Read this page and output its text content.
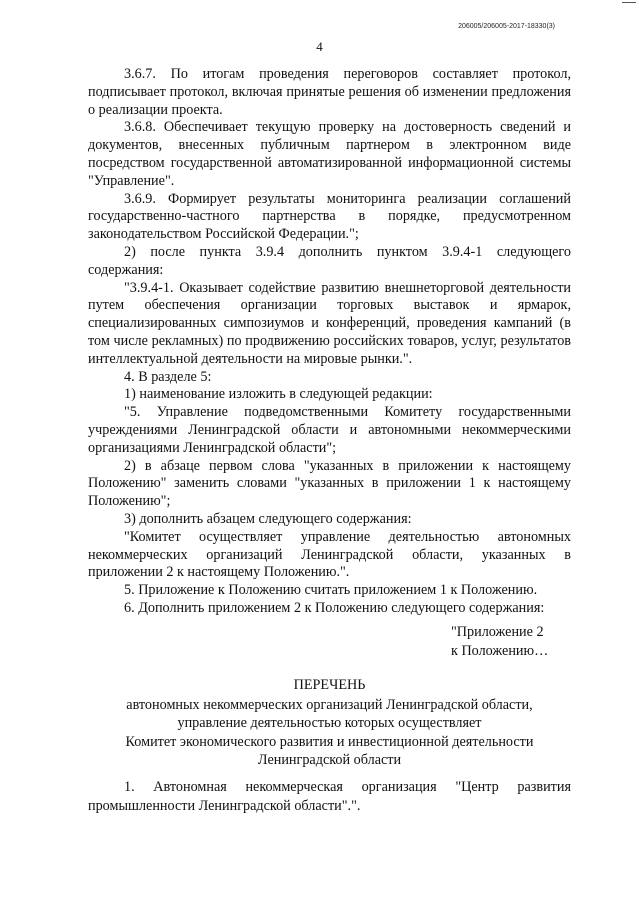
206005/206005-2017-18330(3)
4

3.6.7. По итогам проведения переговоров составляет протокол, подписывает протокол, включая принятые решения об изменении предложения о реализации проекта.

3.6.8. Обеспечивает текущую проверку на достоверность сведений и документов, внесенных публичным партнером в электронном виде посредством государственной автоматизированной информационной системы "Управление".

3.6.9. Формирует результаты мониторинга реализации соглашений государственно-частного партнерства в порядке, предусмотренном законодательством Российской Федерации.";

2) после пункта 3.9.4 дополнить пунктом 3.9.4-1 следующего содержания:

"3.9.4-1. Оказывает содействие развитию внешнеторговой деятельности путем обеспечения организации торговых выставок и ярмарок, специализированных симпозиумов и конференций, проведения кампаний (в том числе рекламных) по продвижению российских товаров, услуг, результатов интеллектуальной деятельности на мировые рынки.".

4. В разделе 5:

1) наименование изложить в следующей редакции:

"5. Управление подведомственными Комитету государственными учреждениями Ленинградской области и автономными некоммерческими организациями Ленинградской области";

2) в абзаце первом слова "указанных в приложении к настоящему Положению" заменить словами "указанных в приложении 1 к настоящему Положению";

3) дополнить абзацем следующего содержания:

"Комитет осуществляет управление деятельностью автономных некоммерческих организаций Ленинградской области, указанных в приложении 2 к настоящему Положению.".

5. Приложение к Положению считать приложением 1 к Положению.

6. Дополнить приложением 2 к Положению следующего содержания:

"Приложение 2
к Положению…

ПЕРЕЧЕНЬ

автономных некоммерческих организаций Ленинградской области,

управление деятельностью которых осуществляет

Комитет экономического развития и инвестиционной деятельности

Ленинградской области

1. Автономная некоммерческая организация "Центр развития промышленности Ленинградской области".".
